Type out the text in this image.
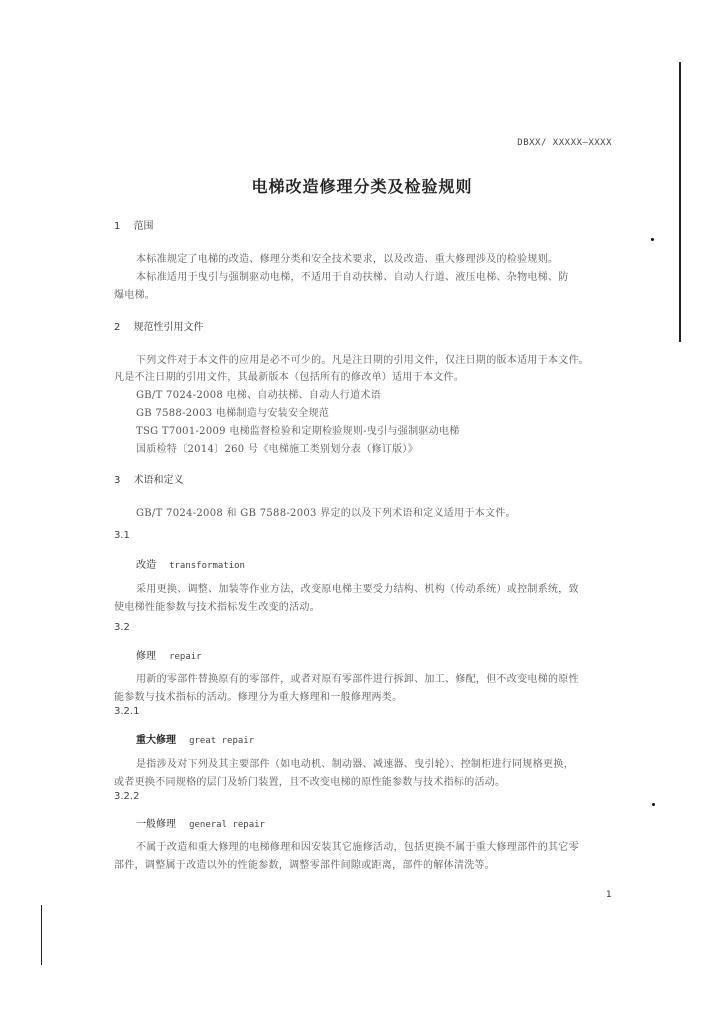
DBXX/ XXXXX—XXXX
电梯改造修理分类及检验规则
1 范围
本标准规定了电梯的改造、修理分类和安全技术要求，以及改造、重大修理涉及的检验规则。
本标准适用于曳引与强制驱动电梯，不适用于自动扶梯、自动人行道、液压电梯、杂物电梯、防
爆电梯。
2 规范性引用文件
下列文件对于本文件的应用是必不可少的。凡是注日期的引用文件，仅注日期的版本适用于本文件。
凡是不注日期的引用文件，其最新版本（包括所有的修改单）适用于本文件。
GB/T 7024-2008 电梯、自动扶梯、自动人行道术语
GB 7588-2003 电梯制造与安装安全规范
TSG T7001-2009 电梯监督检验和定期检验规则-曳引与强制驱动电梯
国质检特〔2014〕260 号《电梯施工类别划分表（修订版）》
3 术语和定义
GB/T 7024-2008 和 GB 7588-2003 界定的以及下列术语和定义适用于本文件。
3.1
改造 transformation
采用更换、调整、加装等作业方法，改变原电梯主要受力结构、机构（传动系统）或控制系统，致
使电梯性能参数与技术指标发生改变的活动。
3.2
修理 repair
用新的零部件替换原有的零部件，或者对原有零部件进行拆卸、加工、修配，但不改变电梯的原性
能参数与技术指标的活动。修理分为重大修理和一般修理两类。
3.2.1
重大修理 great repair
是指涉及对下列及其主要部件（如电动机、制动器、减速器、曳引轮）、控制柜进行同规格更换，
或者更换不同规格的层门及轿门装置，且不改变电梯的原性能参数与技术指标的活动。
3.2.2
一般修理 general repair
不属于改造和重大修理的电梯修理和因安装其它施修活动，包括更换不属于重大修理部件的其它零
部件，调整属于改造以外的性能参数，调整零部件间隙或距离，部件的解体清洗等。
1
